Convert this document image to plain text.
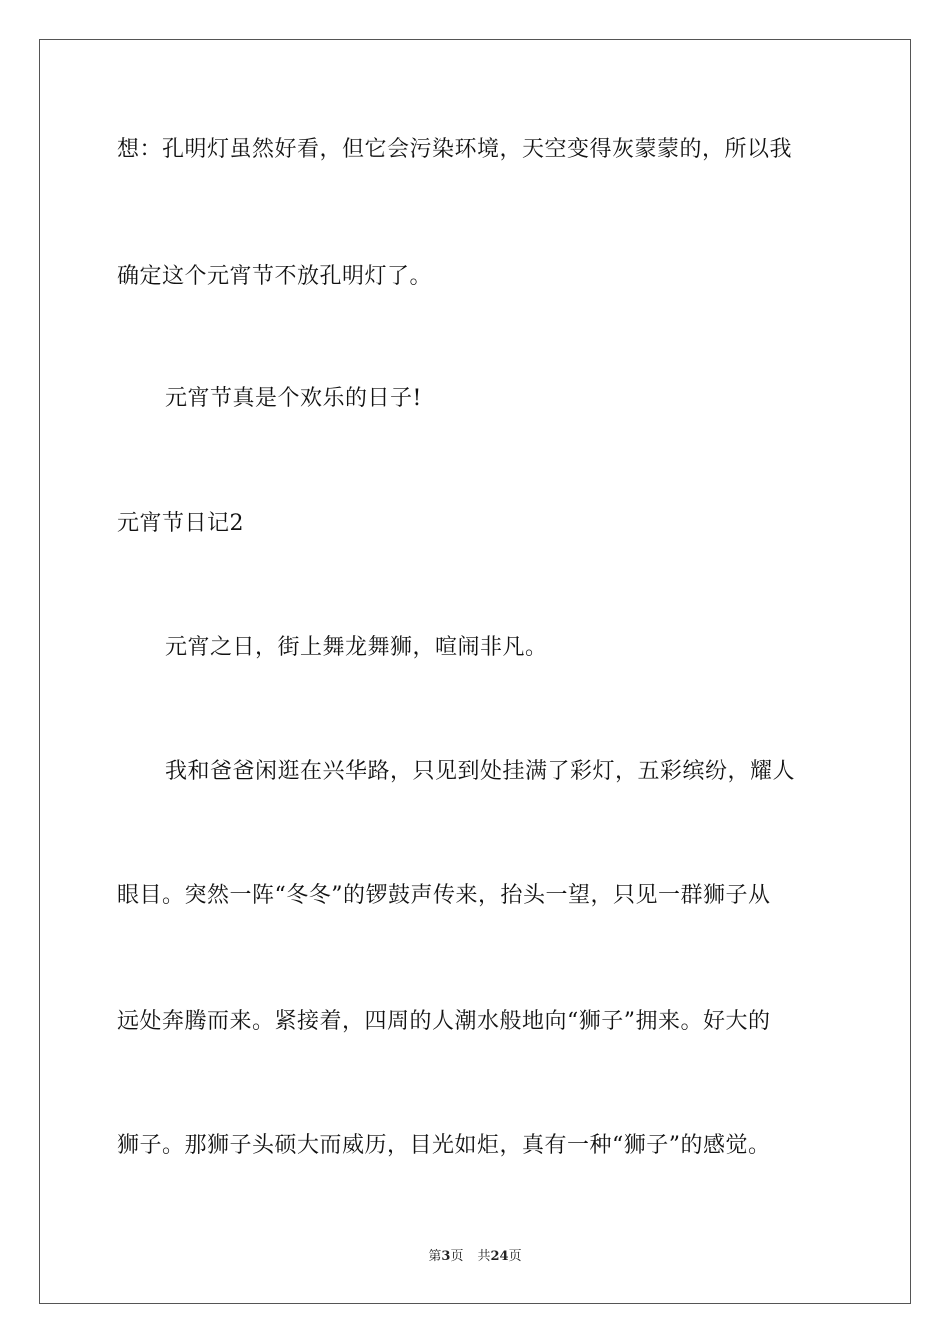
想：孔明灯虽然好看，但它会污染环境，天空变得灰蒙蒙的，所以我
确定这个元宵节不放孔明灯了。
元宵节真是个欢乐的日子!
元宵节日记2
元宵之日，街上舞龙舞狮，喧闹非凡。
我和爸爸闲逛在兴华路，只见到处挂满了彩灯，五彩缤纷，耀人
眼目。突然一阵“冬冬”的锣鼓声传来，抬头一望，只见一群狮子从
远处奔腾而来。紧接着，四周的人潮水般地向“狮子”拥来。好大的
狮子。那狮子头硕大而威历，目光如炬，真有一种“狮子”的感觉。
第3页 共24页
